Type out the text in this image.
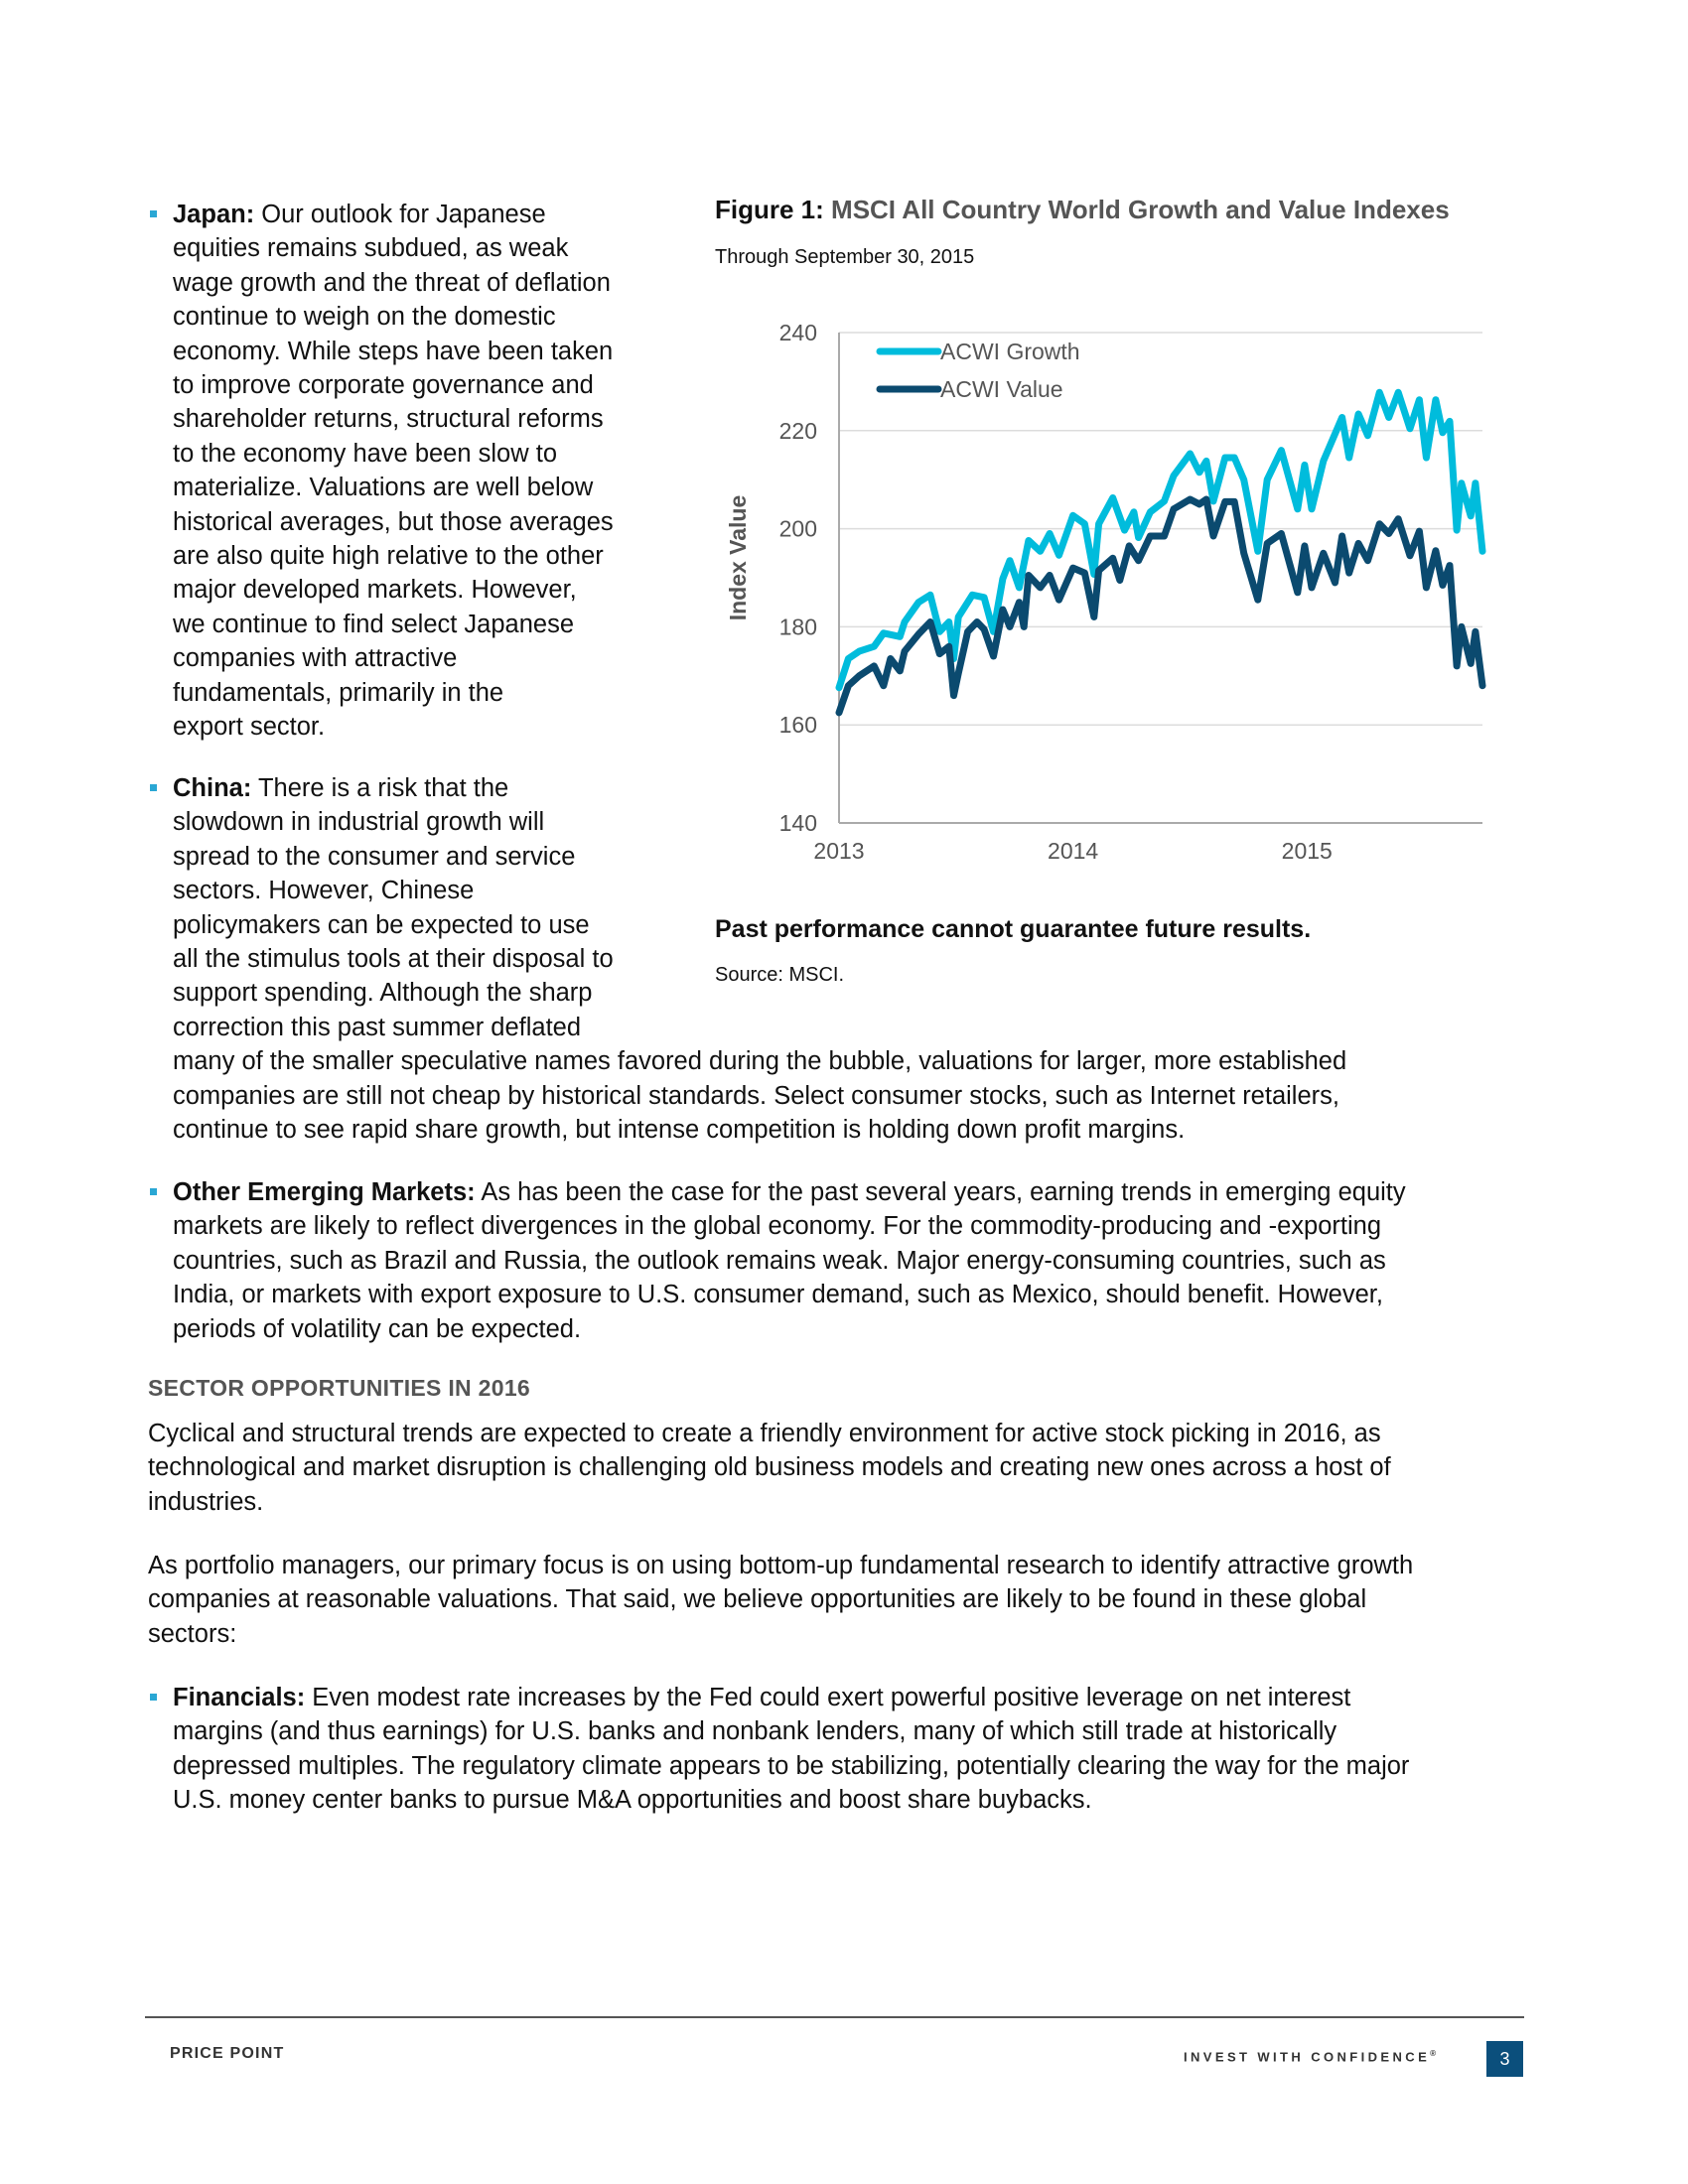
Japan: Our outlook for Japanese
equities remains subdued, as weak
wage growth and the threat of deflation
continue to weigh on the domestic
economy. While steps have been taken
to improve corporate governance and
shareholder returns, structural reforms
to the economy have been slow to
materialize. Valuations are well below
historical averages, but those averages
are also quite high relative to the other
major developed markets. However,
we continue to find select Japanese
companies with attractive
fundamentals, primarily in the
export sector.
China: There is a risk that the
slowdown in industrial growth will
spread to the consumer and service
sectors. However, Chinese
policymakers can be expected to use
all the stimulus tools at their disposal to
support spending. Although the sharp
correction this past summer deflated
many of the smaller speculative names favored during the bubble, valuations for larger, more established
companies are still not cheap by historical standards. Select consumer stocks, such as Internet retailers,
continue to see rapid share growth, but intense competition is holding down profit margins.
Other Emerging Markets: As has been the case for the past several years, earning trends in emerging equity
markets are likely to reflect divergences in the global economy. For the commodity-producing and -exporting
countries, such as Brazil and Russia, the outlook remains weak. Major energy-consuming countries, such as
India, or markets with export exposure to U.S. consumer demand, such as Mexico, should benefit. However,
periods of volatility can be expected.
SECTOR OPPORTUNITIES IN 2016
Cyclical and structural trends are expected to create a friendly environment for active stock picking in 2016, as
technological and market disruption is challenging old business models and creating new ones across a host of
industries.
As portfolio managers, our primary focus is on using bottom-up fundamental research to identify attractive growth
companies at reasonable valuations. That said, we believe opportunities are likely to be found in these global
sectors:
Financials: Even modest rate increases by the Fed could exert powerful positive leverage on net interest
margins (and thus earnings) for U.S. banks and nonbank lenders, many of which still trade at historically
depressed multiples. The regulatory climate appears to be stabilizing, potentially clearing the way for the major
U.S. money center banks to pursue M&A opportunities and boost share buybacks.
Figure 1: MSCI All Country World Growth and Value Indexes
Through September 30, 2015
140
160
180
200
220
240
2013	2014	2015
Index Value
ACWI Growth
ACWI Value
Past performance cannot guarantee future results.
Source: MSCI.
PRICE POINT	INVEST WITH CONFIDENCE®	3
